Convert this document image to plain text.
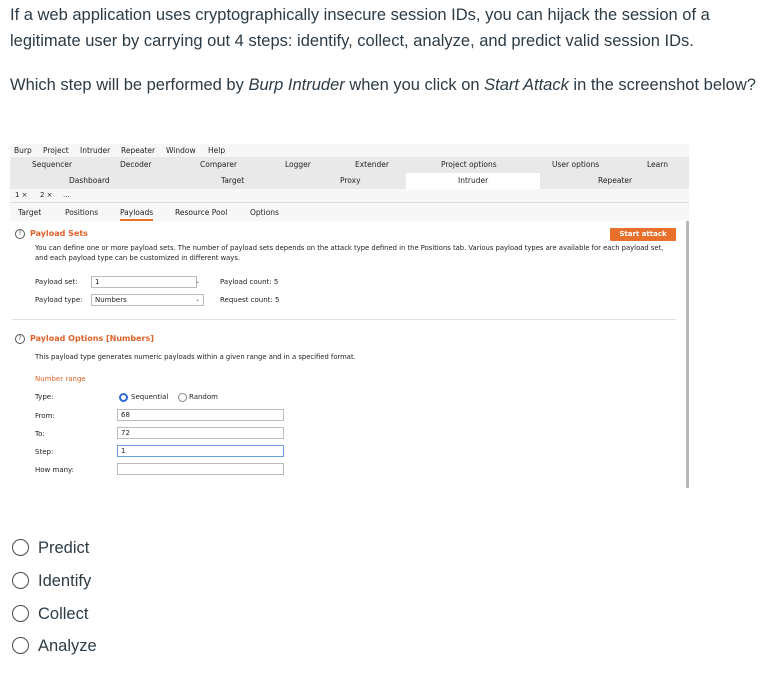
If a web application uses cryptographically insecure session IDs, you can hijack the session of a legitimate user by carrying out 4 steps: identify, collect, analyze, and predict valid session IDs.

Which step will be performed by Burp Intruder when you click on Start Attack in the screenshot below?

Burp Project Intruder Repeater Window Help
Sequencer	Decoder	Comparer	Logger	Extender	Project options	User options	Learn
Dashboard	Target	Proxy	Intruder	Repeater
1 × 2 × ...
Target	Positions	Payloads	Resource Pool	Options
?	Payload Sets
You can define one or more payload sets. The number of payload sets depends on the attack type defined in the Positions tab. Various payload types are available for each payload set, and each payload type can be customized in different ways.
Payload set:	1	⌄	Payload count: 5
Payload type:	Numbers	⌄	Request count: 5
Start attack
?	Payload Options [Numbers]
This payload type generates numeric payloads within a given range and in a specified format.
Number range
Type:	Sequential	Random
From:	68
To:	72
Step:	1
How many:
Predict
Identify
Collect
Analyze
